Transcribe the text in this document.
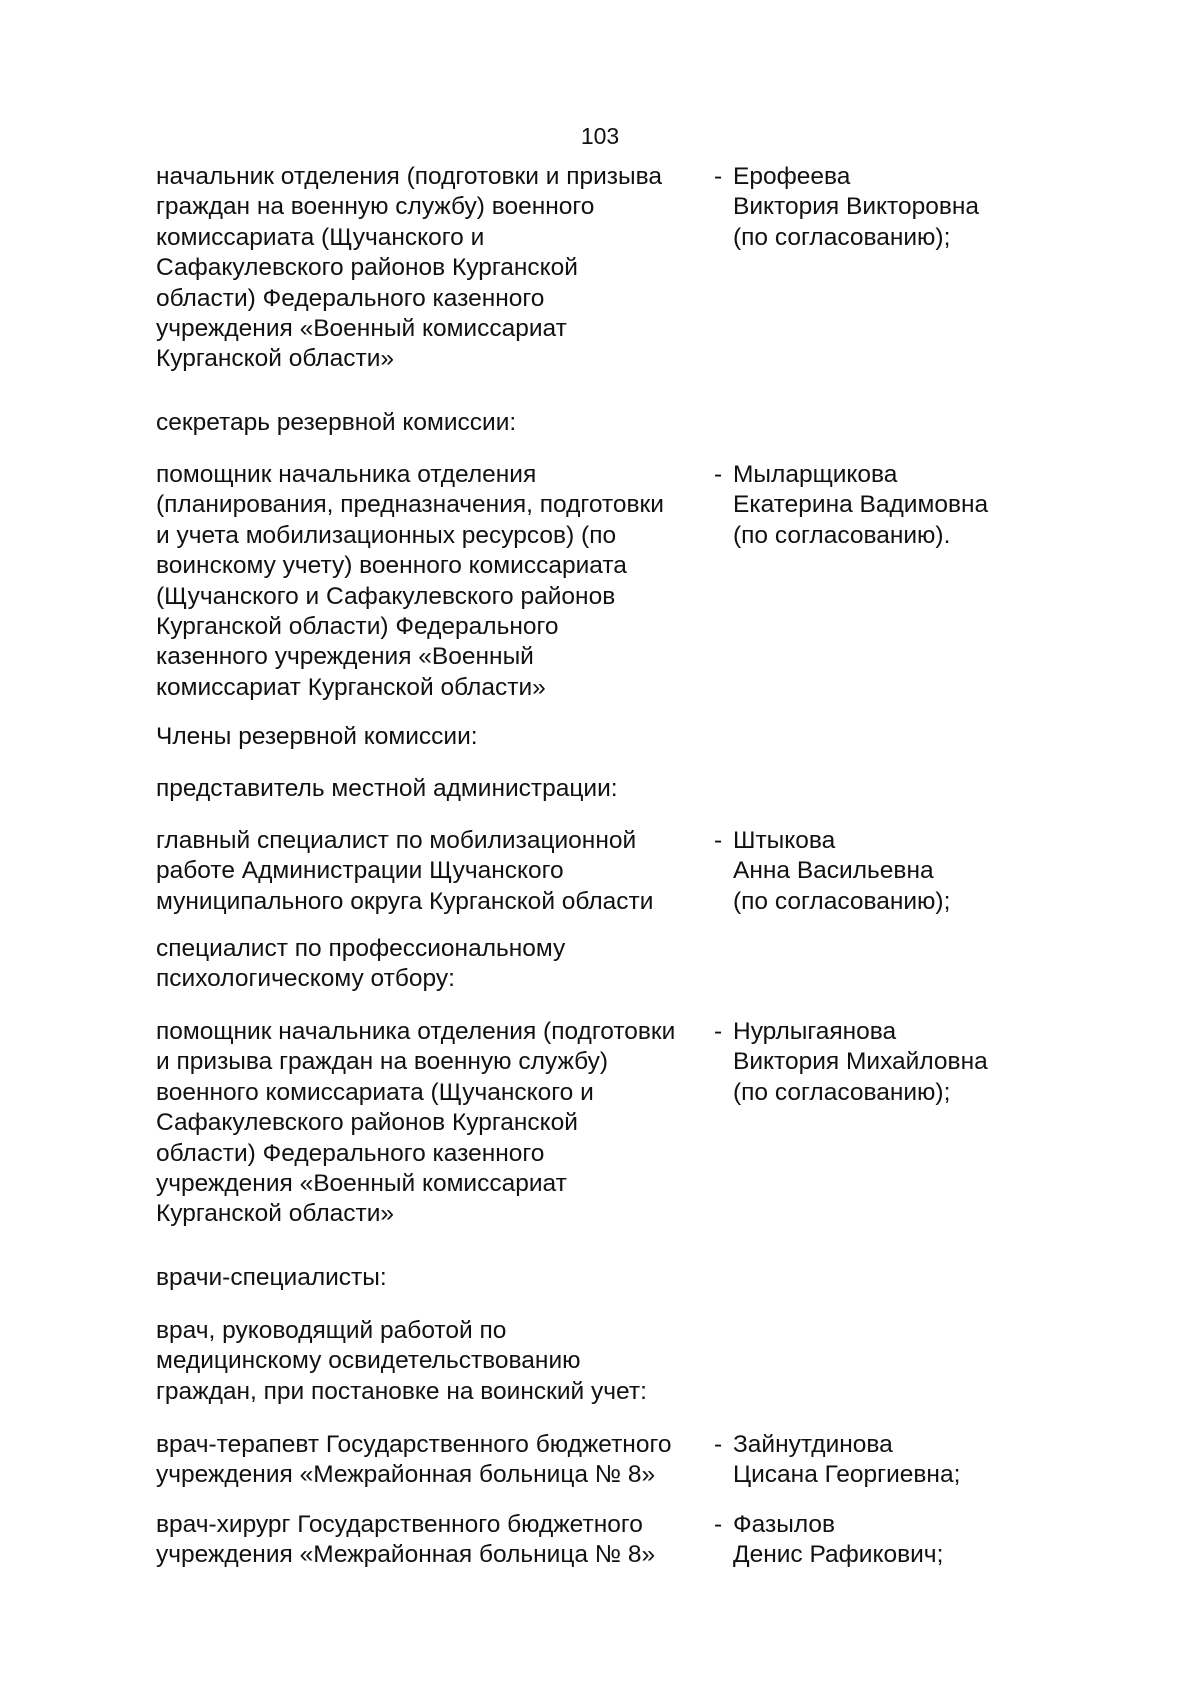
103
начальник отделения (подготовки и призыва
граждан на военную службу) военного
комиссариата (Щучанского и
Сафакулевского районов Курганской
области) Федерального казенного
учреждения «Военный комиссариат
Курганской области»
- Ерофеева
Виктория Викторовна
(по согласованию);
секретарь резервной комиссии:
помощник начальника отделения
(планирования, предназначения, подготовки
и учета мобилизационных ресурсов) (по
воинскому учету) военного комиссариата
(Щучанского и Сафакулевского районов
Курганской области) Федерального
казенного учреждения «Военный
комиссариат Курганской области»
- Мыларщикова
Екатерина Вадимовна
(по согласованию).
Члены резервной комиссии:
представитель местной администрации:
главный специалист по мобилизационной
работе Администрации Щучанского
муниципального округа Курганской области
- Штыкова
Анна Васильевна
(по согласованию);
специалист по профессиональному
психологическому отбору:
помощник начальника отделения (подготовки
и призыва граждан на военную службу)
военного комиссариата (Щучанского и
Сафакулевского районов Курганской
области) Федерального казенного
учреждения «Военный комиссариат
Курганской области»
- Нурлыгаянова
Виктория Михайловна
(по согласованию);
врачи-специалисты:
врач, руководящий работой по
медицинскому освидетельствованию
граждан, при постановке на воинский учет:
врач-терапевт Государственного бюджетного
учреждения «Межрайонная больница № 8»
- Зайнутдинова
Цисана Георгиевна;
врач-хирург Государственного бюджетного
учреждения «Межрайонная больница № 8»
- Фазылов
Денис Рафикович;
